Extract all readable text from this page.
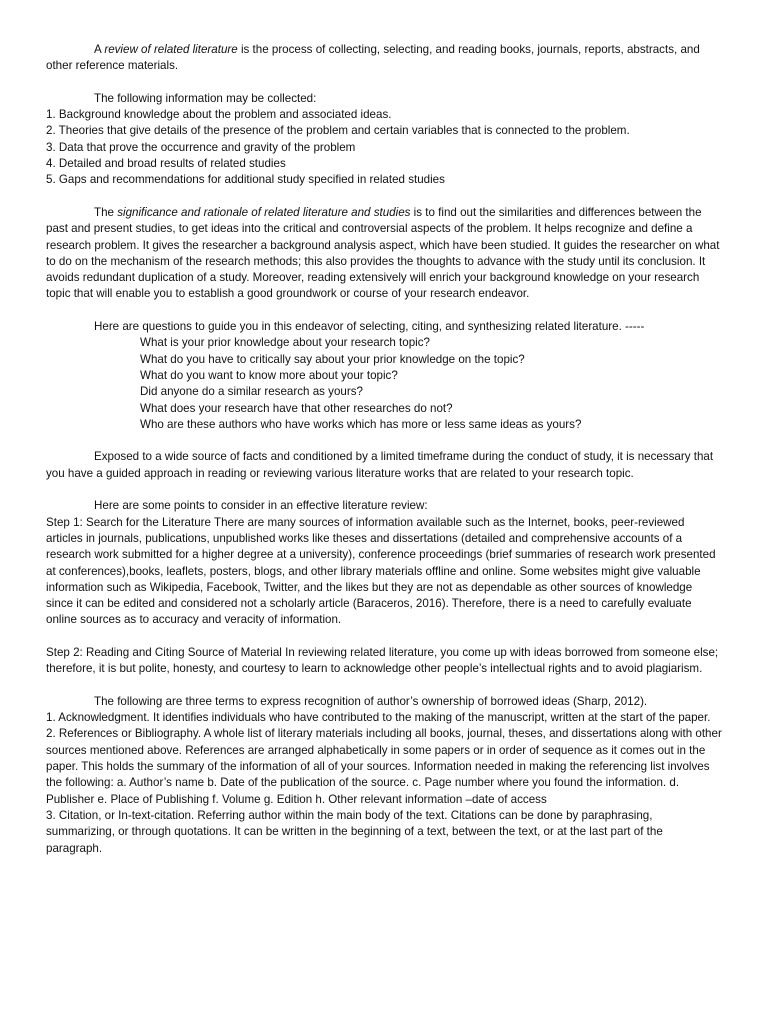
A review of related literature is the process of collecting, selecting, and reading books, journals, reports, abstracts, and other reference materials.

The following information may be collected:

1. Background knowledge about the problem and associated ideas.
2. Theories that give details of the presence of the problem and certain variables that is connected to the problem.
3. Data that prove the occurrence and gravity of the problem
4. Detailed and broad results of related studies
5. Gaps and recommendations for additional study specified in related studies

The significance and rationale of related literature and studies is to find out the similarities and differences between the past and present studies, to get ideas into the critical and controversial aspects of the problem. It helps recognize and define a research problem. It gives the researcher a background analysis aspect, which have been studied. It guides the researcher on what to do on the mechanism of the research methods; this also provides the thoughts to advance with the study until its conclusion. It avoids redundant duplication of a study. Moreover, reading extensively will enrich your background knowledge on your research topic that will enable you to establish a good groundwork or course of your research endeavor.

Here are questions to guide you in this endeavor of selecting, citing, and synthesizing related literature. -----

What is your prior knowledge about your research topic?
What do you have to critically say about your prior knowledge on the topic?
What do you want to know more about your topic?
Did anyone do a similar research as yours?
What does your research have that other researches do not?
Who are these authors who have works which has more or less same ideas as yours?

Exposed to a wide source of facts and conditioned by a limited timeframe during the conduct of study, it is necessary that you have a guided approach in reading or reviewing various literature works that are related to your research topic.

Here are some points to consider in an effective literature review:

Step 1: Search for the Literature There are many sources of information available such as the Internet, books, peer-reviewed articles in journals, publications, unpublished works like theses and dissertations (detailed and comprehensive accounts of a research work submitted for a higher degree at a university), conference proceedings (brief summaries of research work presented at conferences),books, leaflets, posters, blogs, and other library materials offline and online. Some websites might give valuable information such as Wikipedia, Facebook, Twitter, and the likes but they are not as dependable as other sources of knowledge since it can be edited and considered not a scholarly article (Baraceros, 2016). Therefore, there is a need to carefully evaluate online sources as to accuracy and veracity of information.

Step 2: Reading and Citing Source of Material In reviewing related literature, you come up with ideas borrowed from someone else; therefore, it is but polite, honesty, and courtesy to learn to acknowledge other people’s intellectual rights and to avoid plagiarism.

The following are three terms to express recognition of author’s ownership of borrowed ideas (Sharp, 2012).

1. Acknowledgment. It identifies individuals who have contributed to the making of the manuscript, written at the start of the paper.
2. References or Bibliography. A whole list of literary materials including all books, journal, theses, and dissertations along with other sources mentioned above. References are arranged alphabetically in some papers or in order of sequence as it comes out in the paper. This holds the summary of the information of all of your sources. Information needed in making the referencing list involves the following: a. Author’s name b. Date of the publication of the source. c. Page number where you found the information. d. Publisher e. Place of Publishing f. Volume g. Edition h. Other relevant information –date of access
3. Citation, or In-text-citation. Referring author within the main body of the text. Citations can be done by paraphrasing, summarizing, or through quotations. It can be written in the beginning of a text, between the text, or at the last part of the paragraph.
